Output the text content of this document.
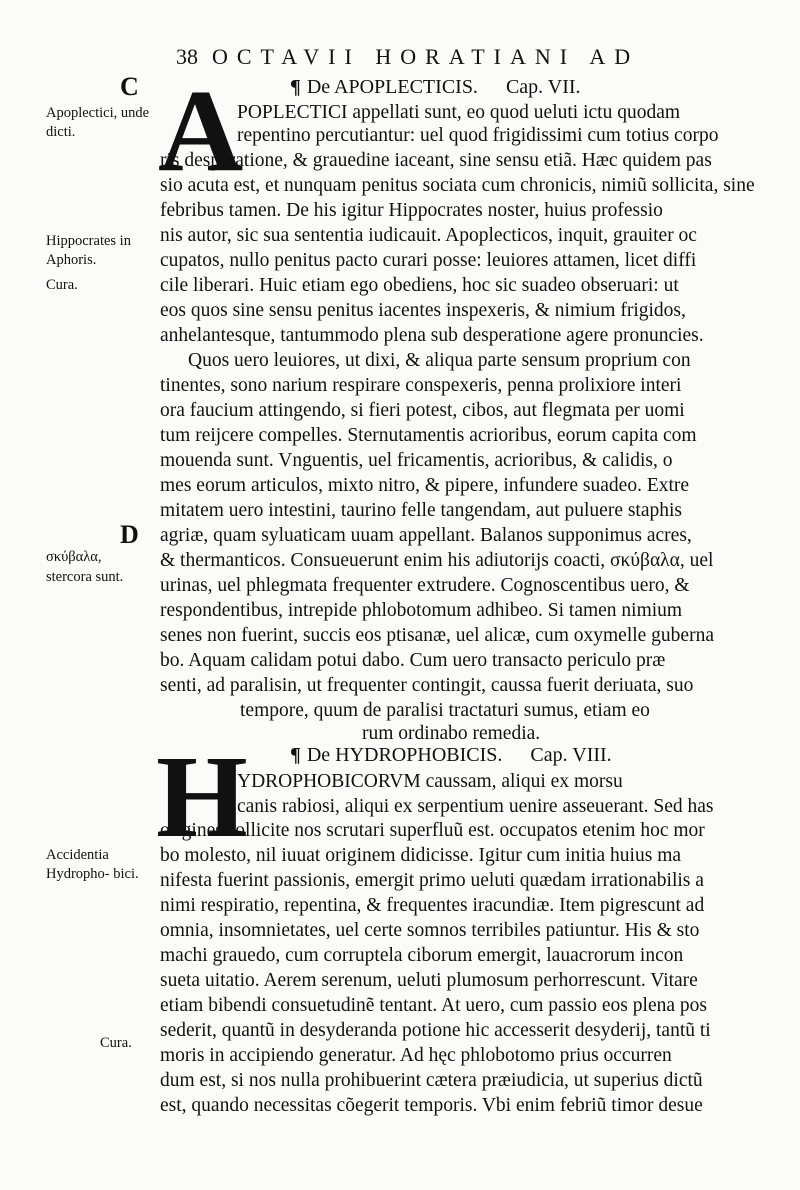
38 OCTAVII HORATIANI AD
C
D
Apoplectici, unde dicti.
Hippocrates in Aphoris.
Cura.
σκύβαλα,
stercora sunt.
Accidentia Hydropho- bici.
Cura.
¶ De APOPLECTICIS. Cap. VII.
A
POPLECTICI appellati sunt, eo quod ueluti ictu quodam
repentino percutiantur: uel quod frigidissimi cum totius corpo
ris desperatione, & grauedine iaceant, sine sensu etiã. Hæc quidem pas
sio acuta est, et nunquam penitus sociata cum chronicis, nimiũ sollicita, sine
febribus tamen. De his igitur Hippocrates noster, huius professio
nis autor, sic sua sententia iudicauit. Apoplecticos, inquit, grauiter oc
cupatos, nullo penitus pacto curari posse: leuiores attamen, licet diffi
cile liberari. Huic etiam ego obediens, hoc sic suadeo obseruari: ut
eos quos sine sensu penitus iacentes inspexeris, & nimium frigidos,
anhelantesque, tantummodo plena sub desperatione agere pronuncies.
Quos uero leuiores, ut dixi, & aliqua parte sensum proprium con
tinentes, sono narium respirare conspexeris, penna prolixiore interi
ora faucium attingendo, si fieri potest, cibos, aut flegmata per uomi
tum reijcere compelles. Sternutamentis acrioribus, eorum capita com
mouenda sunt. Vnguentis, uel fricamentis, acrioribus, & calidis, o
mes eorum articulos, mixto nitro, & pipere, infundere suadeo. Extre
mitatem uero intestini, taurino felle tangendam, aut puluere staphis
agriæ, quam syluaticam uuam appellant. Balanos supponimus acres,
& thermanticos. Consueuerunt enim his adiutorijs coacti, σκύβαλα, uel
urinas, uel phlegmata frequenter extrudere. Cognoscentibus uero, &
respondentibus, intrepide phlobotomum adhibeo. Si tamen nimium
senes non fuerint, succis eos ptisanæ, uel alicæ, cum oxymelle guberna
bo. Aquam calidam potui dabo. Cum uero transacto periculo præ
senti, ad paralisin, ut frequenter contingit, caussa fuerit deriuata, suo
tempore, quum de paralisi tractaturi sumus, etiam eo
rum ordinabo remedia.
¶ De HYDROPHOBICIS. Cap. VIII.
H
YDROPHOBICORVM caussam, aliqui ex morsu
canis rabiosi, aliqui ex serpentium uenire asseuerant. Sed has
origines sollicite nos scrutari superfluũ est. occupatos etenim hoc mor
bo molesto, nil iuuat originem didicisse. Igitur cum initia huius ma
nifesta fuerint passionis, emergit primo ueluti quædam irrationabilis a
nimi respiratio, repentina, & frequentes iracundiæ. Item pigrescunt ad
omnia, insomnietates, uel certe somnos terribiles patiuntur. His & sto
machi grauedo, cum corruptela ciborum emergit, lauacrorum incon
sueta uitatio. Aerem serenum, ueluti plumosum perhorrescunt. Vitare
etiam bibendi consuetudinẽ tentant. At uero, cum passio eos plena pos
sederit, quantũ in desyderanda potione hic accesserit desyderij, tantũ ti
moris in accipiendo generatur. Ad hęc phlobotomo prius occurren
dum est, si nos nulla prohibuerint cætera præiudicia, ut superius dictũ
est, quando necessitas cõegerit temporis. Vbi enim febriũ timor desue
